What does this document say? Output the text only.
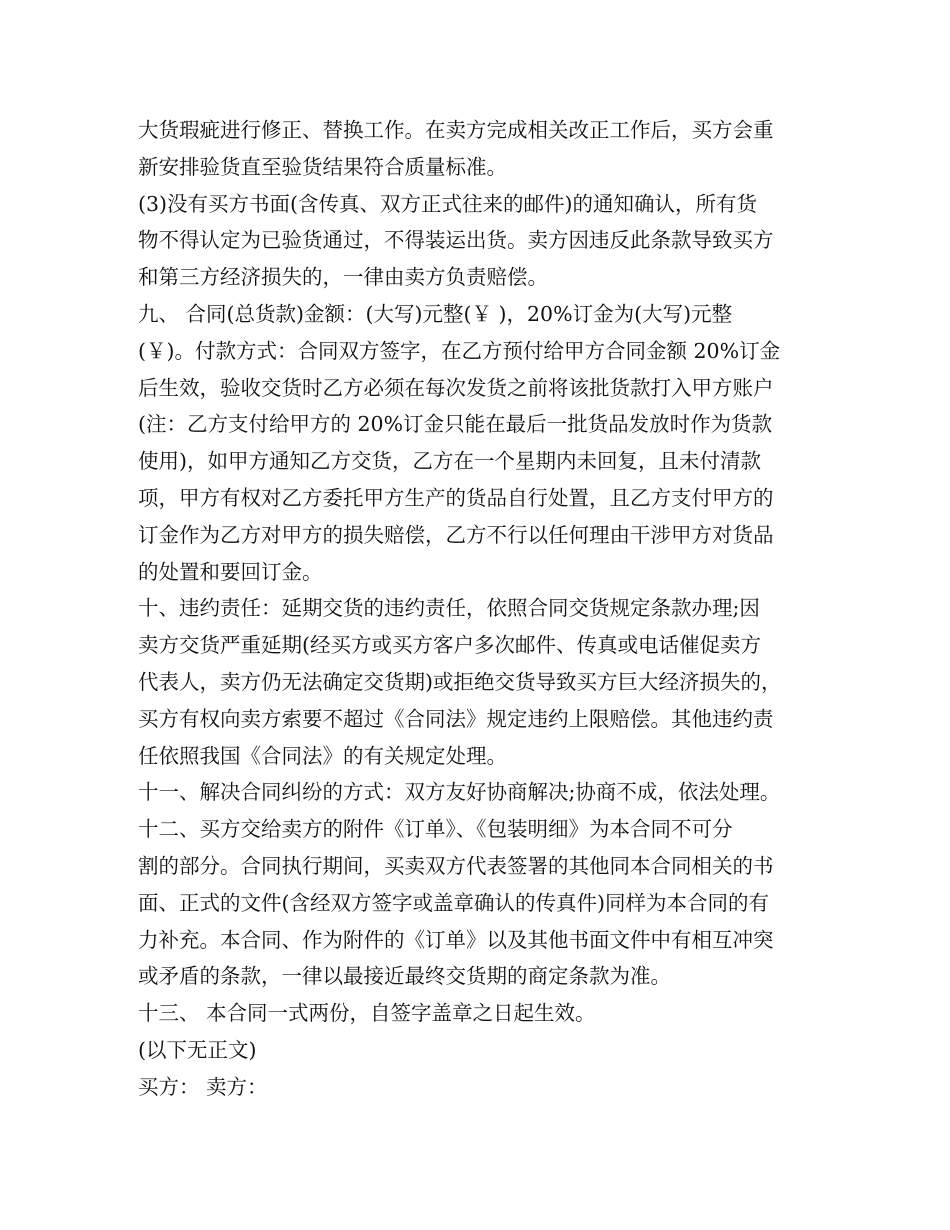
大货瑕疵进行修正、替换工作。在卖方完成相关改正工作后，买方会重
新安排验货直至验货结果符合质量标准。
(3)没有买方书面(含传真、双方正式往来的邮件)的通知确认，所有货
物不得认定为已验货通过，不得装运出货。卖方因违反此条款导致买方
和第三方经济损失的，一律由卖方负责赔偿。
九、 合同(总货款)金额：(大写)元整(￥ )，20%订金为(大写)元整
(￥)。付款方式：合同双方签字，在乙方预付给甲方合同金额 20%订金
后生效，验收交货时乙方必须在每次发货之前将该批货款打入甲方账户
(注：乙方支付给甲方的 20%订金只能在最后一批货品发放时作为货款
使用)，如甲方通知乙方交货，乙方在一个星期内未回复，且未付清款
项，甲方有权对乙方委托甲方生产的货品自行处置，且乙方支付甲方的
订金作为乙方对甲方的损失赔偿，乙方不行以任何理由干涉甲方对货品
的处置和要回订金。
十、违约责任：延期交货的违约责任，依照合同交货规定条款办理;因
卖方交货严重延期(经买方或买方客户多次邮件、传真或电话催促卖方
代表人，卖方仍无法确定交货期)或拒绝交货导致买方巨大经济损失的，
买方有权向卖方索要不超过《合同法》规定违约上限赔偿。其他违约责
任依照我国《合同法》的有关规定处理。
十一、解决合同纠纷的方式：双方友好协商解决;协商不成，依法处理。
十二、买方交给卖方的附件《订单》、《包装明细》为本合同不可分
割的部分。合同执行期间，买卖双方代表签署的其他同本合同相关的书
面、正式的文件(含经双方签字或盖章确认的传真件)同样为本合同的有
力补充。本合同、作为附件的《订单》以及其他书面文件中有相互冲突
或矛盾的条款，一律以最接近最终交货期的商定条款为准。
十三、 本合同一式两份，自签字盖章之日起生效。
(以下无正文)
买方： 卖方：
